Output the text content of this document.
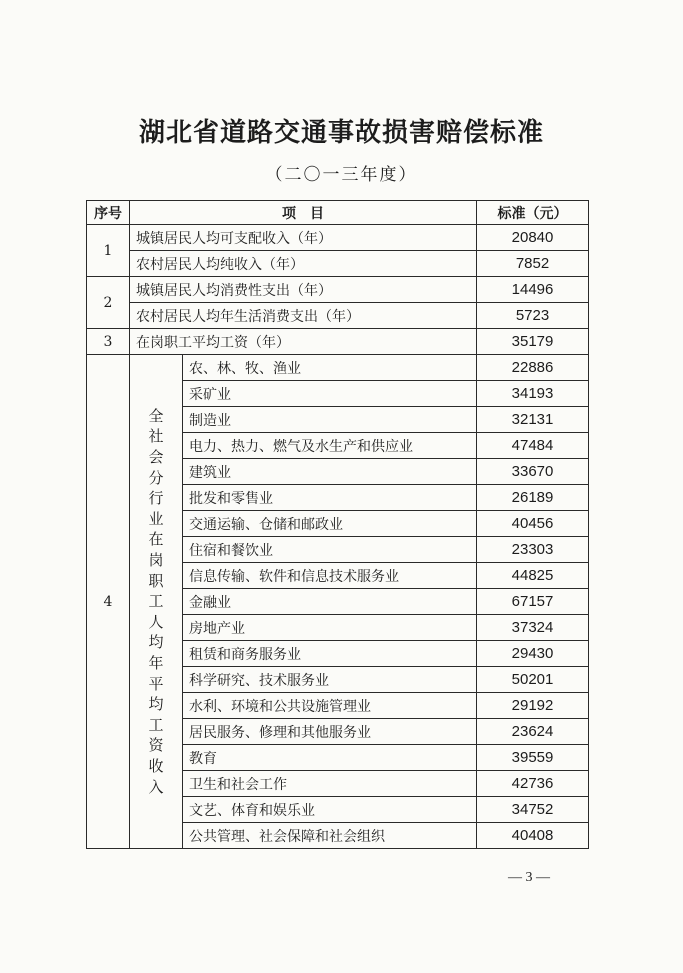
湖北省道路交通事故损害赔偿标准
（二〇一三年度）
序号	项　目		标准（元）
1	城镇居民人均可支配收入（年）		20840
	农村居民人均纯收入（年）		7852
2	城镇居民人均消费性支出（年）		14496
	农村居民人均年生活消费支出（年）		5723
3	在岗职工平均工资（年）		35179
4	全社会分行业在岗职工人均年平均工资收入	农、林、牧、渔业	22886
		采矿业	34193
		制造业	32131
		电力、热力、燃气及水生产和供应业	47484
		建筑业	33670
		批发和零售业	26189
		交通运输、仓储和邮政业	40456
		住宿和餐饮业	23303
		信息传输、软件和信息技术服务业	44825
		金融业	67157
		房地产业	37324
		租赁和商务服务业	29430
		科学研究、技术服务业	50201
		水利、环境和公共设施管理业	29192
		居民服务、修理和其他服务业	23624
		教育	39559
		卫生和社会工作	42736
		文艺、体育和娱乐业	34752
		公共管理、社会保障和社会组织	40408
— 3 —
